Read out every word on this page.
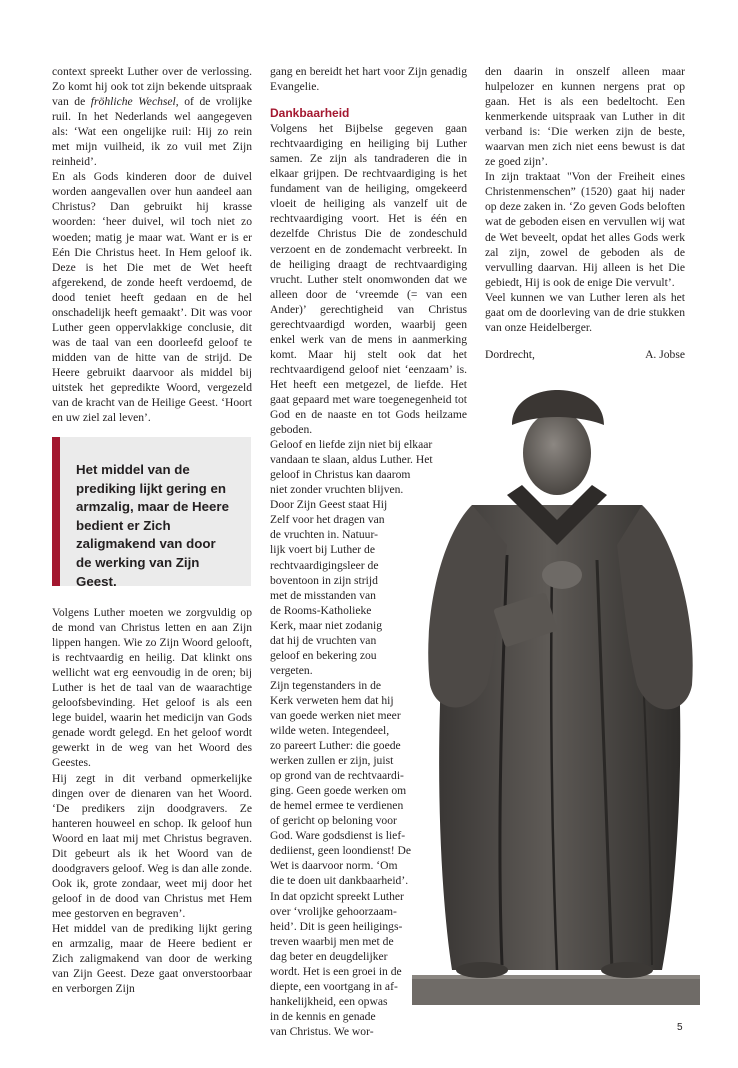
context spreekt Luther over de verlossing. Zo komt hij ook tot zijn bekende uitspraak van de fröhliche Wechsel, of de vrolijke ruil. In het Nederlands wel aangegeven als: ‘Wat een ongelijke ruil: Hij zo rein met mijn vuilheid, ik zo vuil met Zijn reinheid’.

En als Gods kinderen door de duivel worden aangevallen over hun aandeel aan Christus? Dan gebruikt hij krasse woorden: ‘heer duivel, wil toch niet zo woeden; matig je maar wat. Want er is er Eén Die Christus heet. In Hem geloof ik. Deze is het Die met de Wet heeft afgerekend, de zonde heeft verdoemd, de dood teniet heeft gedaan en de hel onschadelijk heeft gemaakt’. Dit was voor Luther geen oppervlakkige conclusie, dit was de taal van een doorleefd geloof te midden van de hitte van de strijd. De Heere gebruikt daarvoor als middel bij uitstek het gepredikte Woord, vergezeld van de kracht van de Heilige Geest. ‘Hoort en uw ziel zal leven’.

Het middel van de prediking lijkt gering en armzalig, maar de Heere bedient er Zich zaligmakend van door de werking van Zijn Geest.

Volgens Luther moeten we zorgvuldig op de mond van Christus letten en aan Zijn lippen hangen. Wie zo Zijn Woord gelooft, is rechtvaardig en heilig. Dat klinkt ons wellicht wat erg eenvoudig in de oren; bij Luther is het de taal van de waarachtige geloofsbevinding. Het geloof is als een lege buidel, waarin het medicijn van Gods genade wordt gelegd. En het geloof wordt gewerkt in de weg van het Woord des Geestes.

Hij zegt in dit verband opmerkelijke dingen over de dienaren van het Woord. ‘De predikers zijn doodgravers. Ze hanteren houweel en schop. Ik geloof hun Woord en laat mij met Christus begraven. Dit gebeurt als ik het Woord van de doodgravers geloof. Weg is dan alle zonde. Ook ik, grote zondaar, weet mij door het geloof in de dood van Christus met Hem mee gestorven en begraven’.

Het middel van de prediking lijkt gering en armzalig, maar de Heere bedient er Zich zaligmakend van door de werking van Zijn Geest. Deze gaat onverstoorbaar en verborgen Zijn

gang en bereidt het hart voor Zijn genadig Evangelie.

Dankbaarheid

Volgens het Bijbelse gegeven gaan rechtvaardiging en heiliging bij Luther samen. Ze zijn als tandraderen die in elkaar grijpen. De rechtvaardiging is het fundament van de heiliging, omgekeerd vloeit de heiliging als vanzelf uit de rechtvaardiging voort. Het is één en dezelfde Christus Die de zondeschuld verzoent en de zondemacht verbreekt. In de heiliging draagt de rechtvaardiging vrucht. Luther stelt onomwonden dat we alleen door de ‘vreemde (= van een Ander)’ gerechtigheid van Christus gerechtvaardigd worden, waarbij geen enkel werk van de mens in aanmerking komt. Maar hij stelt ook dat het rechtvaardigend geloof niet ‘eenzaam’ is. Het heeft een metgezel, de liefde. Het gaat gepaard met ware toegenegenheid tot God en de naaste en tot Gods heilzame geboden.

Geloof en liefde zijn niet bij elkaar
vandaan te slaan, aldus Luther. Het
geloof in Christus kan daarom
niet zonder vruchten blijven.
Door Zijn Geest staat Hij
Zelf voor het dragen van
de vruchten in. Natuur-
lijk voert bij Luther de
rechtvaardigingsleer de
boventoon in zijn strijd
met de misstanden van
de Rooms-Katholieke
Kerk, maar niet zodanig
dat hij de vruchten van
geloof en bekering zou
vergeten.
Zijn tegenstanders in de
Kerk verweten hem dat hij
van goede werken niet meer
wilde weten. Integendeel,
zo pareert Luther: die goede
werken zullen er zijn, juist
op grond van de rechtvaardi-
ging. Geen goede werken om
de hemel ermee te verdienen
of gericht op beloning voor
God. Ware godsdienst is lief-
dediienst, geen loondienst! De
Wet is daarvoor norm. ‘Om
die te doen uit dankbaarheid’.
In dat opzicht spreekt Luther
over ‘vrolijke gehoorzaam-
heid’. Dit is geen heiligings-
treven waarbij men met de
dag beter en deugdelijker
wordt. Het is een groei in de
diepte, een voortgang in af-
hankelijkheid, een opwas
in de kennis en genade
van Christus. We wor-

den daarin in onszelf alleen maar hulpelozer en kunnen nergens prat op gaan. Het is als een bedeltocht. Een kenmerkende uitspraak van Luther in dit verband is: ‘Die werken zijn de beste, waarvan men zich niet eens bewust is dat ze goed zijn’.

In zijn traktaat "Von der Freiheit eines Christenmenschen” (1520) gaat hij nader op deze zaken in. ‘Zo geven Gods beloften wat de geboden eisen en vervullen wij wat de Wet beveelt, opdat het alles Gods werk zal zijn, zowel de geboden als de vervulling daarvan. Hij alleen is het Die gebiedt, Hij is ook de enige Die vervult’.

Veel kunnen we van Luther leren als het gaat om de doorleving van de drie stukken van onze Heidelberger.

Dordrecht,	A. Jobse

5
